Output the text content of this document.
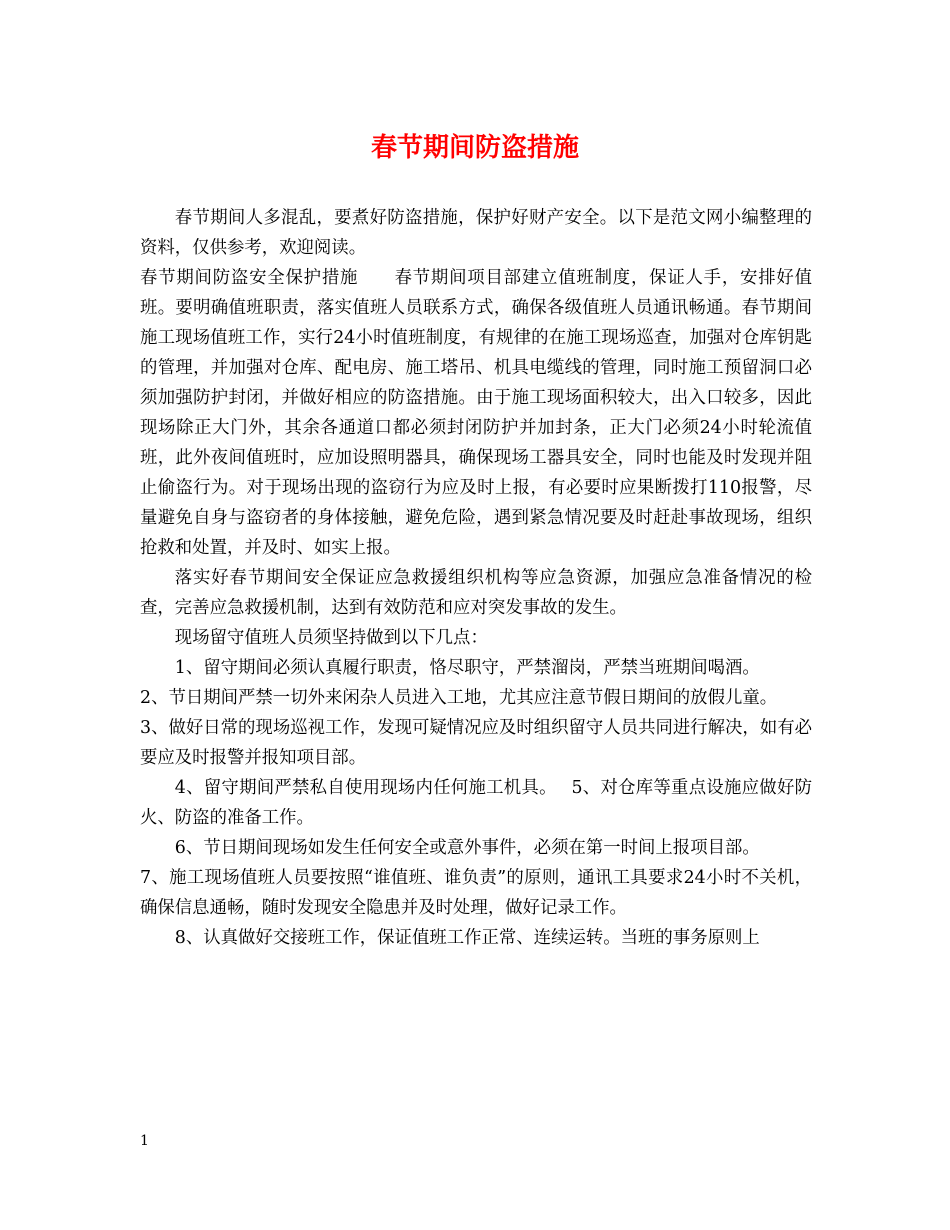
春节期间防盗措施

春节期间人多混乱，要煮好防盗措施，保护好财产安全。以下是范文网小编整理的资料，仅供参考，欢迎阅读。

春节期间防盗安全保护措施　　春节期间项目部建立值班制度，保证人手，安排好值班。要明确值班职责，落实值班人员联系方式，确保各级值班人员通讯畅通。春节期间施工现场值班工作，实行24小时值班制度，有规律的在施工现场巡查，加强对仓库钥匙的管理，并加强对仓库、配电房、施工塔吊、机具电缆线的管理，同时施工预留洞口必须加强防护封闭，并做好相应的防盗措施。由于施工现场面积较大，出入口较多，因此现场除正大门外，其余各通道口都必须封闭防护并加封条，正大门必须24小时轮流值班，此外夜间值班时，应加设照明器具，确保现场工器具安全，同时也能及时发现并阻止偷盗行为。对于现场出现的盗窃行为应及时上报，有必要时应果断拨打110报警，尽量避免自身与盗窃者的身体接触，避免危险，遇到紧急情况要及时赶赴事故现场，组织抢救和处置，并及时、如实上报。

落实好春节期间安全保证应急救援组织机构等应急资源，加强应急准备情况的检查，完善应急救援机制，达到有效防范和应对突发事故的发生。

现场留守值班人员须坚持做到以下几点：

1、留守期间必须认真履行职责，恪尽职守，严禁溜岗，严禁当班期间喝酒。

2、节日期间严禁一切外来闲杂人员进入工地，尤其应注意节假日期间的放假儿童。

3、做好日常的现场巡视工作，发现可疑情况应及时组织留守人员共同进行解决，如有必要应及时报警并报知项目部。

4、留守期间严禁私自使用现场内任何施工机具。　 5、对仓库等重点设施应做好防火、防盗的准备工作。

6、节日期间现场如发生任何安全或意外事件，必须在第一时间上报项目部。

7、施工现场值班人员要按照“谁值班、谁负责”的原则，通讯工具要求24小时不关机，确保信息通畅，随时发现安全隐患并及时处理，做好记录工作。

8、认真做好交接班工作，保证值班工作正常、连续运转。当班的事务原则上

1
